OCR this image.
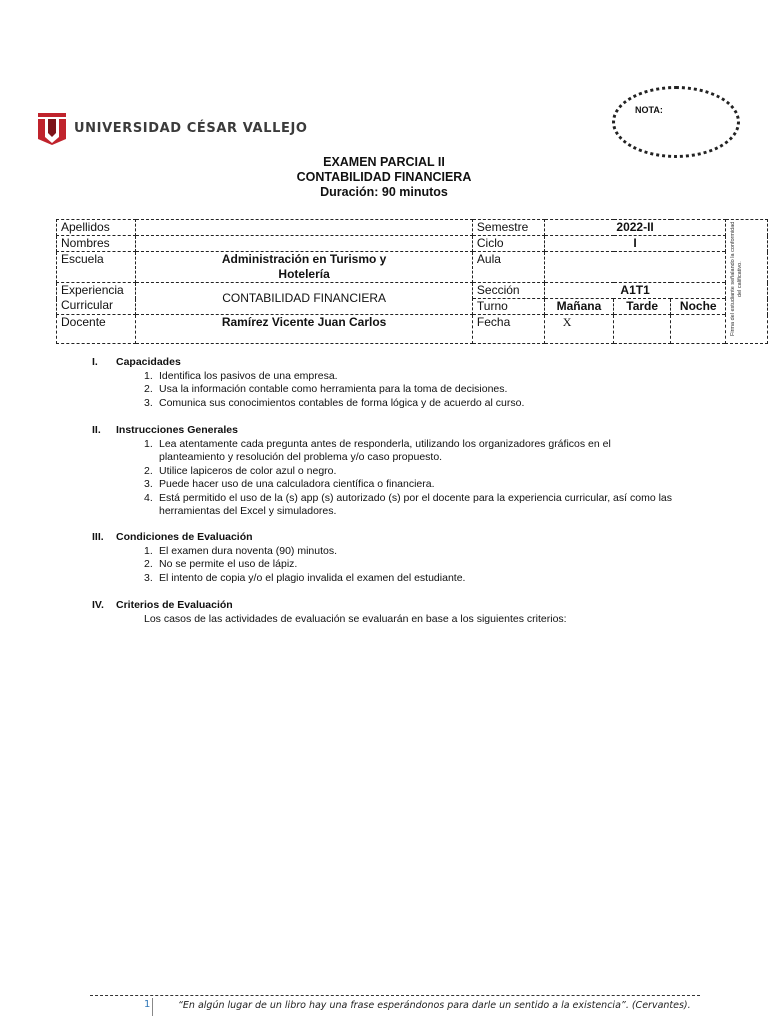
UNIVERSIDAD CÉSAR VALLEJO
NOTA:
EXAMEN PARCIAL II
CONTABILIDAD FINANCIERA
Duración: 90 minutos
Apellidos		Semestre	2022-II			Firma del estudiante señalando la conformidad del calificativo.

Nombres		Ciclo	I			
Escuela	Administración en Turismo y Hotelería	Aula				
Experiencia Curricular	CONTABILIDAD FINANCIERA	Sección	A1T1			
		Turno	Mañana	Tarde	Noche	
Docente	Ramírez Vicente Juan Carlos	Fecha	X			
I.	Capacidades
1. Identifica los pasivos de una empresa.
2. Usa la información contable como herramienta para la toma de decisiones.
3. Comunica sus conocimientos contables de forma lógica y de acuerdo al curso.
II.	Instrucciones Generales
1. Lea atentamente cada pregunta antes de responderla, utilizando los organizadores gráficos en el planteamiento y resolución del problema y/o caso propuesto.
2. Utilice lapiceros de color azul o negro.
3. Puede hacer uso de una calculadora científica o financiera.
4. Está permitido el uso de la (s) app (s) autorizado (s) por el docente para la experiencia curricular, así como las herramientas del Excel y simuladores.
III.	Condiciones de Evaluación
1. El examen dura noventa (90) minutos.
2. No se permite el uso de lápiz.
3. El intento de copia y/o el plagio invalida el examen del estudiante.
IV.	Criterios de Evaluación
Los casos de las actividades de evaluación se evaluarán en base a los siguientes criterios:
1	“En algún lugar de un libro hay una frase esperándonos para darle un sentido a la existencia”. (Cervantes).
